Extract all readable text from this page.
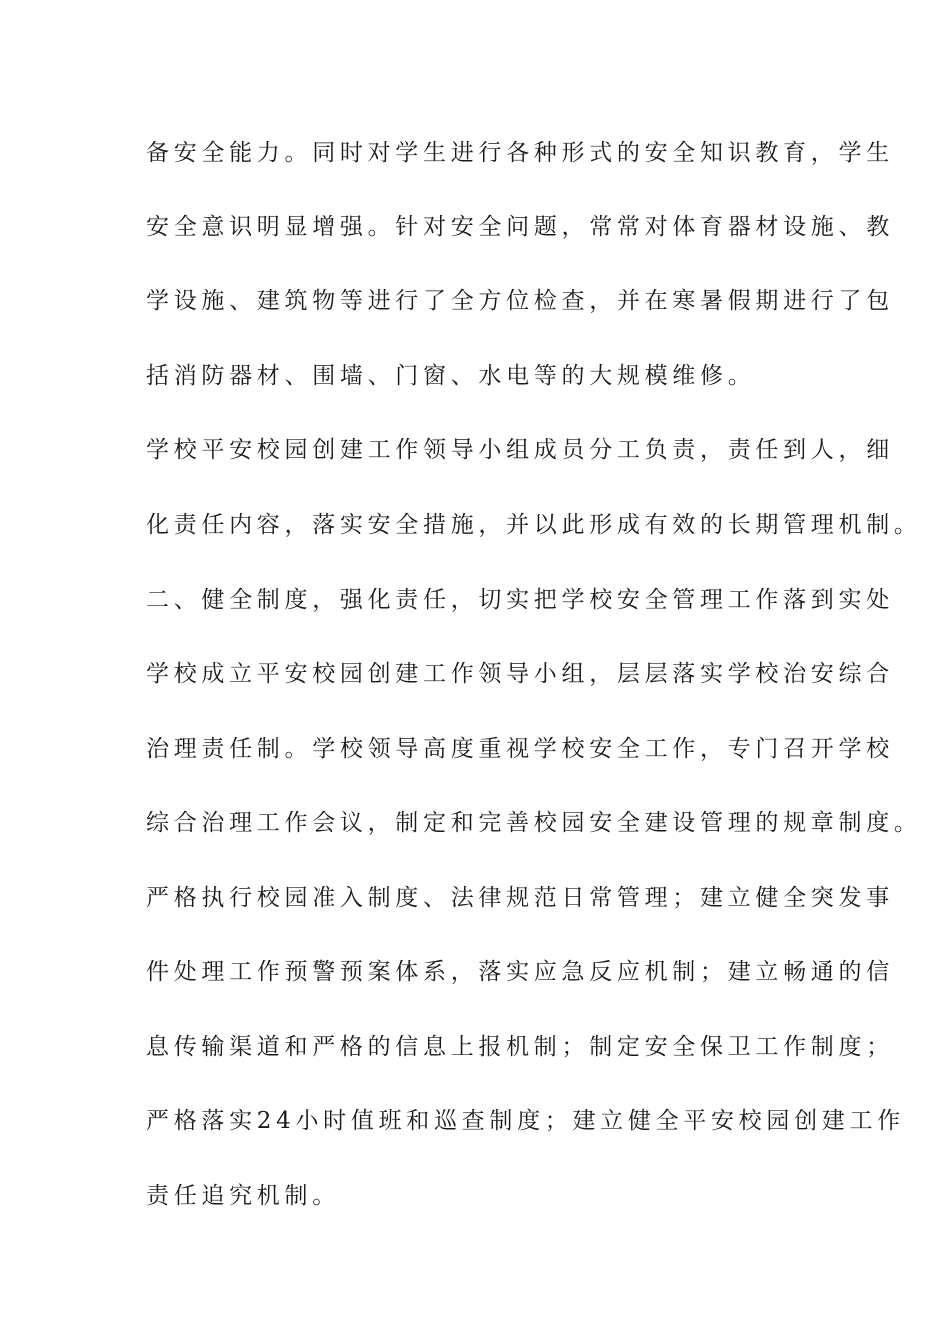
备安全能力。同时对学生进行各种形式的安全知识教育，学生
安全意识明显增强。针对安全问题，常常对体育器材设施、教
学设施、建筑物等进行了全方位检查，并在寒暑假期进行了包
括消防器材、围墙、门窗、水电等的大规模维修。
学校平安校园创建工作领导小组成员分工负责，责任到人，细
化责任内容，落实安全措施，并以此形成有效的长期管理机制。
二、健全制度，强化责任，切实把学校安全管理工作落到实处
学校成立平安校园创建工作领导小组，层层落实学校治安综合
治理责任制。学校领导高度重视学校安全工作，专门召开学校
综合治理工作会议，制定和完善校园安全建设管理的规章制度。
严格执行校园准入制度、法律规范日常管理；建立健全突发事
件处理工作预警预案体系，落实应急反应机制；建立畅通的信
息传输渠道和严格的信息上报机制；制定安全保卫工作制度；
严格落实24小时值班和巡查制度；建立健全平安校园创建工作
责任追究机制。
